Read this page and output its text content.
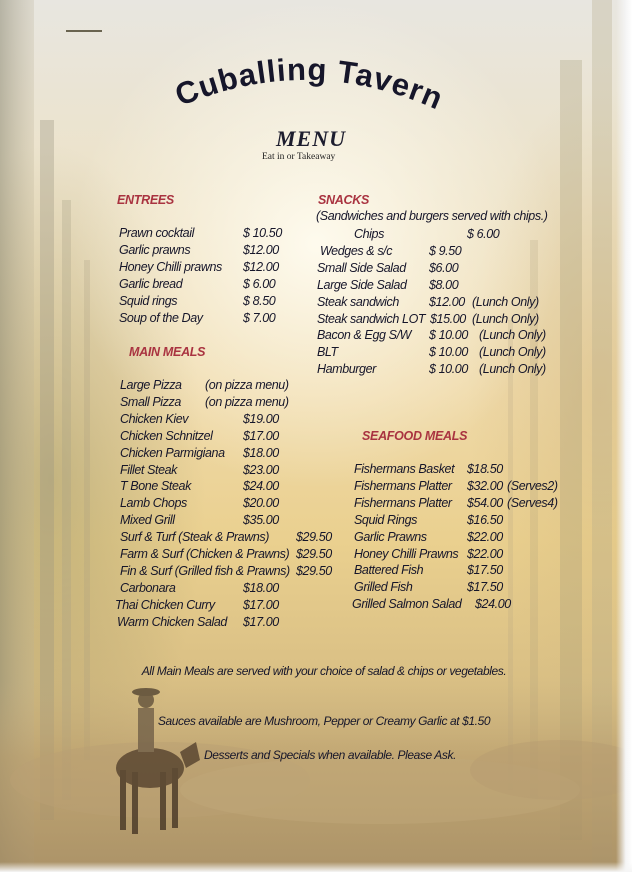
Cuballing Tavern
MENU
Eat in or Takeaway
ENTREES
Prawn cocktail	$ 10.50
Garlic prawns	$12.00
Honey Chilli prawns $12.00
Garlic bread	$ 6.00
Squid rings	$ 8.50
Soup of the Day	$ 7.00
MAIN MEALS
Large Pizza (on pizza menu)
Small Pizza (on pizza menu)
Chicken Kiev	$19.00
Chicken Schnitzel $17.00
Chicken Parmigiana $18.00
Fillet Steak	$23.00
T Bone Steak	$24.00
Lamb Chops	$20.00
Mixed Grill	$35.00
Surf & Turf (Steak & Prawns) $29.50
Farm & Surf (Chicken & Prawns) $29.50
Fin & Surf (Grilled fish & Prawns) $29.50
Carbonara	$18.00
Thai Chicken Curry $17.00
Warm Chicken Salad $17.00
SNACKS
(Sandwiches and burgers served with chips.)
Chips	$ 6.00
Wedges & s/c	$ 9.50
Small Side Salad $6.00
Large Side Salad $8.00
Steak sandwich $12.00 (Lunch Only)
Steak sandwich LOT $15.00 (Lunch Only)
Bacon & Egg S/W $ 10.00 (Lunch Only)
BLT	$ 10.00 (Lunch Only)
Hamburger	$ 10.00 (Lunch Only)
SEAFOOD MEALS
Fishermans Basket $18.50
Fishermans Platter $32.00 (Serves2)
Fishermans Platter $54.00 (Serves4)
Squid Rings	$16.50
Garlic Prawns	$22.00
Honey Chilli Prawns $22.00
Battered Fish	$17.50
Grilled Fish	$17.50
Grilled Salmon Salad $24.00
All Main Meals are served with your choice of salad & chips or vegetables.
Sauces available are Mushroom, Pepper or Creamy Garlic at $1.50
Desserts and Specials when available. Please Ask.
